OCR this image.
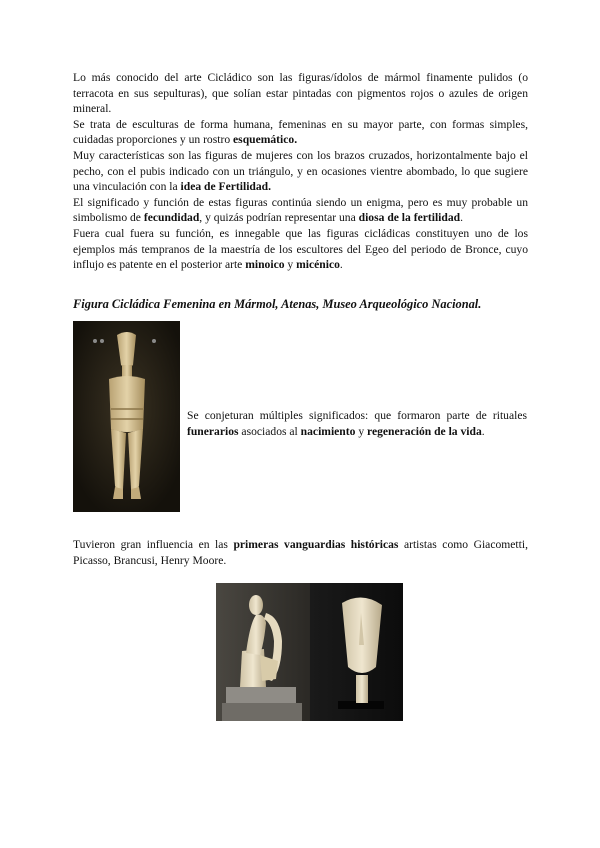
Lo más conocido del arte Cicládico son las figuras/ídolos de mármol finamente pulidos (o terracota en sus sepulturas), que solían estar pintadas con pigmentos rojos o azules de origen mineral.

Se trata de esculturas de forma humana, femeninas en su mayor parte, con formas simples, cuidadas proporciones y un rostro esquemático.

Muy características son las figuras de mujeres con los brazos cruzados, horizontalmente bajo el pecho, con el pubis indicado con un triángulo, y en ocasiones vientre abombado, lo que sugiere una vinculación con la idea de Fertilidad.

El significado y función de estas figuras continúa siendo un enigma, pero es muy probable un simbolismo de fecundidad, y quizás podrían representar una diosa de la fertilidad.

Fuera cual fuera su función, es innegable que las figuras cicládicas constituyen uno de los ejemplos más tempranos de la maestría de los escultores del Egeo del periodo de Bronce, cuyo influjo es patente en el posterior arte minoico y micénico.

Figura Cicládica Femenina en Mármol, Atenas, Museo Arqueológico Nacional.

Se conjeturan múltiples significados: que formaron parte de rituales funerarios asociados al nacimiento y regeneración de la vida.

Tuvieron gran influencia en las primeras vanguardias históricas artistas como Giacometti, Picasso, Brancusi, Henry Moore.
